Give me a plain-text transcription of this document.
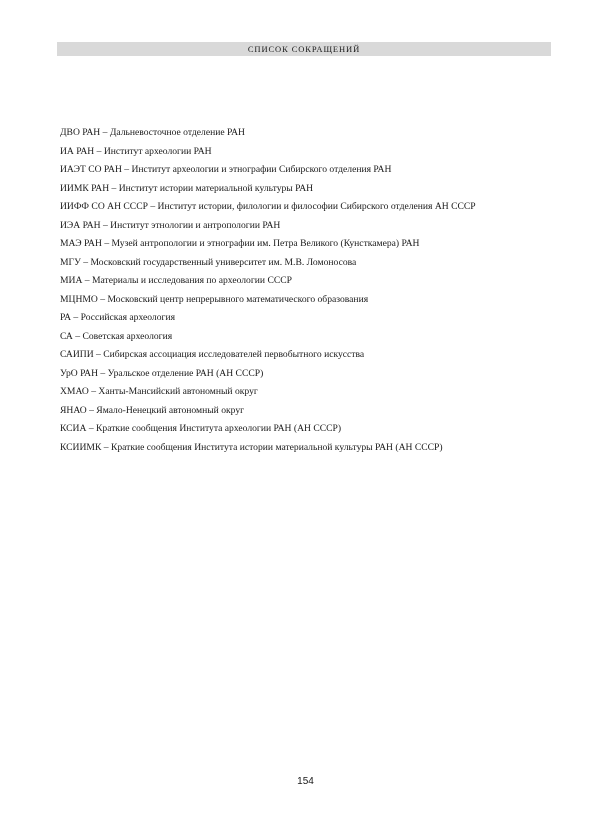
СПИСОК СОКРАЩЕНИЙ
ДВО РАН – Дальневосточное отделение РАН
ИА РАН – Институт археологии РАН
ИАЭТ СО РАН – Институт археологии и этнографии Сибирского отделения РАН
ИИМК РАН – Институт истории материальной культуры РАН
ИИФФ СО АН СССР – Институт истории, филологии и философии Сибирского отделения АН СССР
ИЭА РАН – Институт этнологии и антропологии РАН
МАЭ РАН – Музей антропологии и этнографии им. Петра Великого (Кунсткамера) РАН
МГУ – Московский государственный университет им. М.В. Ломоносова
МИА – Материалы и исследования по археологии СССР
МЦНМО – Московский центр непрерывного математического образования
РА – Российская археология
СА – Советская археология
САИПИ – Сибирская ассоциация исследователей первобытного искусства
УрО РАН – Уральское отделение РАН (АН СССР)
ХМАО – Ханты-Мансийский автономный округ
ЯНАО – Ямало-Ненецкий автономный округ
КСИА – Краткие сообщения Института археологии РАН (АН СССР)
КСИИМК – Краткие сообщения Института истории материальной культуры РАН (АН СССР)
154
